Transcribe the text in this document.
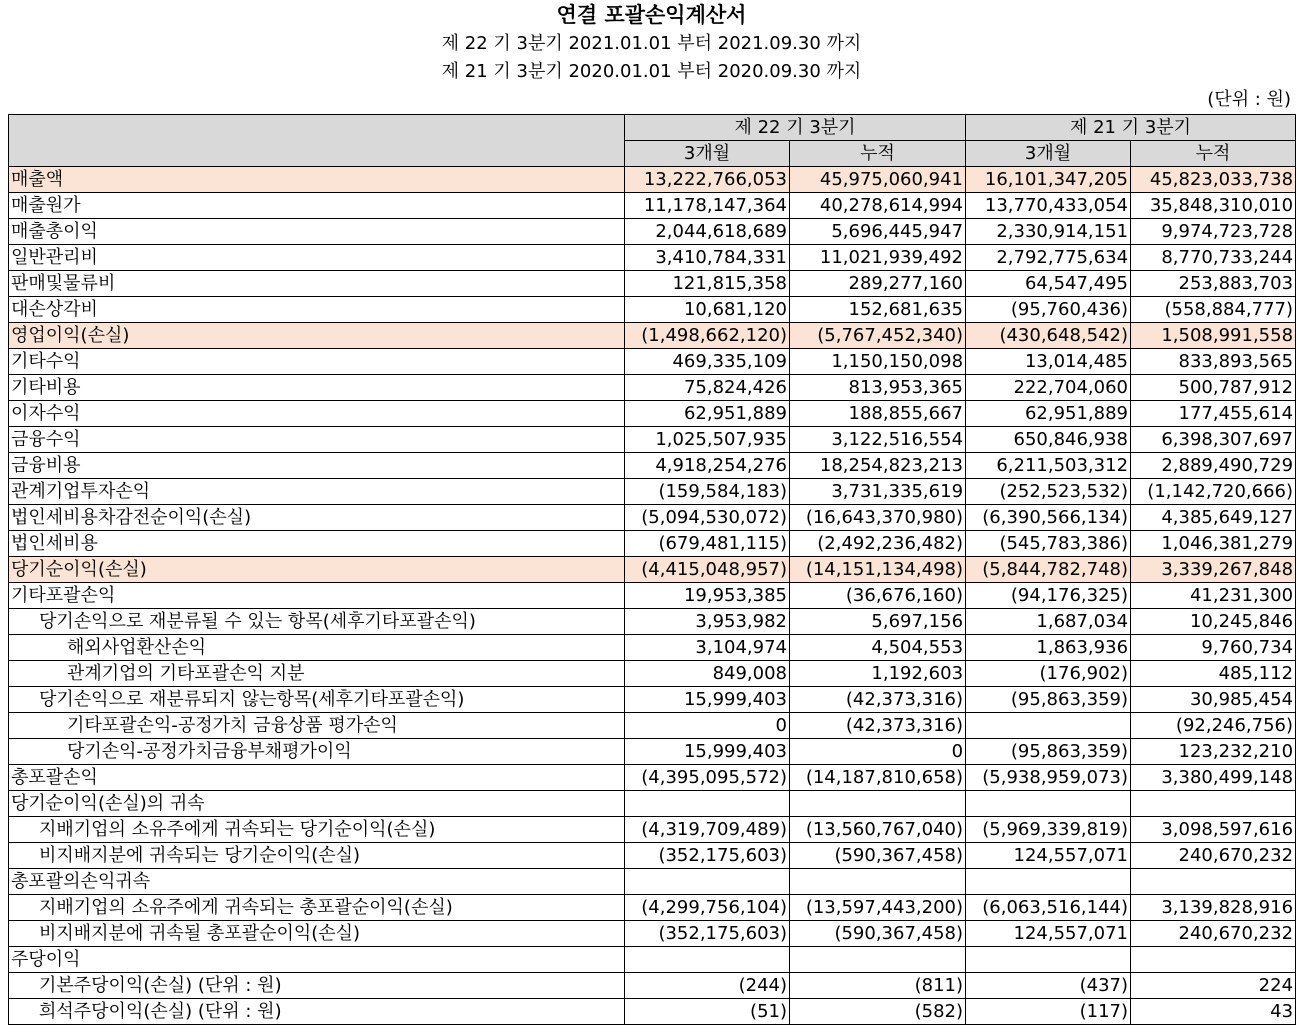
연결 포괄손익계산서
제 22 기 3분기 2021.01.01 부터 2021.09.30 까지
제 21 기 3분기 2020.01.01 부터 2020.09.30 까지
(단위 : 원)
	제 22 기 3분기		제 21 기 3분기	
	3개월	누적	3개월	누적
매출액	13,222,766,053	45,975,060,941	16,101,347,205	45,823,033,738
매출원가	11,178,147,364	40,278,614,994	13,770,433,054	35,848,310,010
매출총이익	2,044,618,689	5,696,445,947	2,330,914,151	9,974,723,728
일반관리비	3,410,784,331	11,021,939,492	2,792,775,634	8,770,733,244
판매및물류비	121,815,358	289,277,160	64,547,495	253,883,703
대손상각비	10,681,120	152,681,635	(95,760,436)	(558,884,777)
영업이익(손실)	(1,498,662,120)	(5,767,452,340)	(430,648,542)	1,508,991,558
기타수익	469,335,109	1,150,150,098	13,014,485	833,893,565
기타비용	75,824,426	813,953,365	222,704,060	500,787,912
이자수익	62,951,889	188,855,667	62,951,889	177,455,614
금융수익	1,025,507,935	3,122,516,554	650,846,938	6,398,307,697
금융비용	4,918,254,276	18,254,823,213	6,211,503,312	2,889,490,729
관계기업투자손익	(159,584,183)	3,731,335,619	(252,523,532)	(1,142,720,666)
법인세비용차감전순이익(손실)	(5,094,530,072)	(16,643,370,980)	(6,390,566,134)	4,385,649,127
법인세비용	(679,481,115)	(2,492,236,482)	(545,783,386)	1,046,381,279
당기순이익(손실)	(4,415,048,957)	(14,151,134,498)	(5,844,782,748)	3,339,267,848
기타포괄손익	19,953,385	(36,676,160)	(94,176,325)	41,231,300
당기손익으로 재분류될 수 있는 항목(세후기타포괄손익)	3,953,982	5,697,156	1,687,034	10,245,846
해외사업환산손익	3,104,974	4,504,553	1,863,936	9,760,734
관계기업의 기타포괄손익 지분	849,008	1,192,603	(176,902)	485,112
당기손익으로 재분류되지 않는항목(세후기타포괄손익)	15,999,403	(42,373,316)	(95,863,359)	30,985,454
기타포괄손익-공정가치 금융상품 평가손익	0	(42,373,316)		(92,246,756)
당기손익-공정가치금융부채평가이익	15,999,403	0	(95,863,359)	123,232,210
총포괄손익	(4,395,095,572)	(14,187,810,658)	(5,938,959,073)	3,380,499,148
당기순이익(손실)의 귀속				
지배기업의 소유주에게 귀속되는 당기순이익(손실)	(4,319,709,489)	(13,560,767,040)	(5,969,339,819)	3,098,597,616
비지배지분에 귀속되는 당기순이익(손실)	(352,175,603)	(590,367,458)	124,557,071	240,670,232
총포괄의손익귀속				
지배기업의 소유주에게 귀속되는 총포괄순이익(손실)	(4,299,756,104)	(13,597,443,200)	(6,063,516,144)	3,139,828,916
비지배지분에 귀속될 총포괄순이익(손실)	(352,175,603)	(590,367,458)	124,557,071	240,670,232
주당이익				
기본주당이익(손실) (단위 : 원)	(244)	(811)	(437)	224
희석주당이익(손실) (단위 : 원)	(51)	(582)	(117)	43
